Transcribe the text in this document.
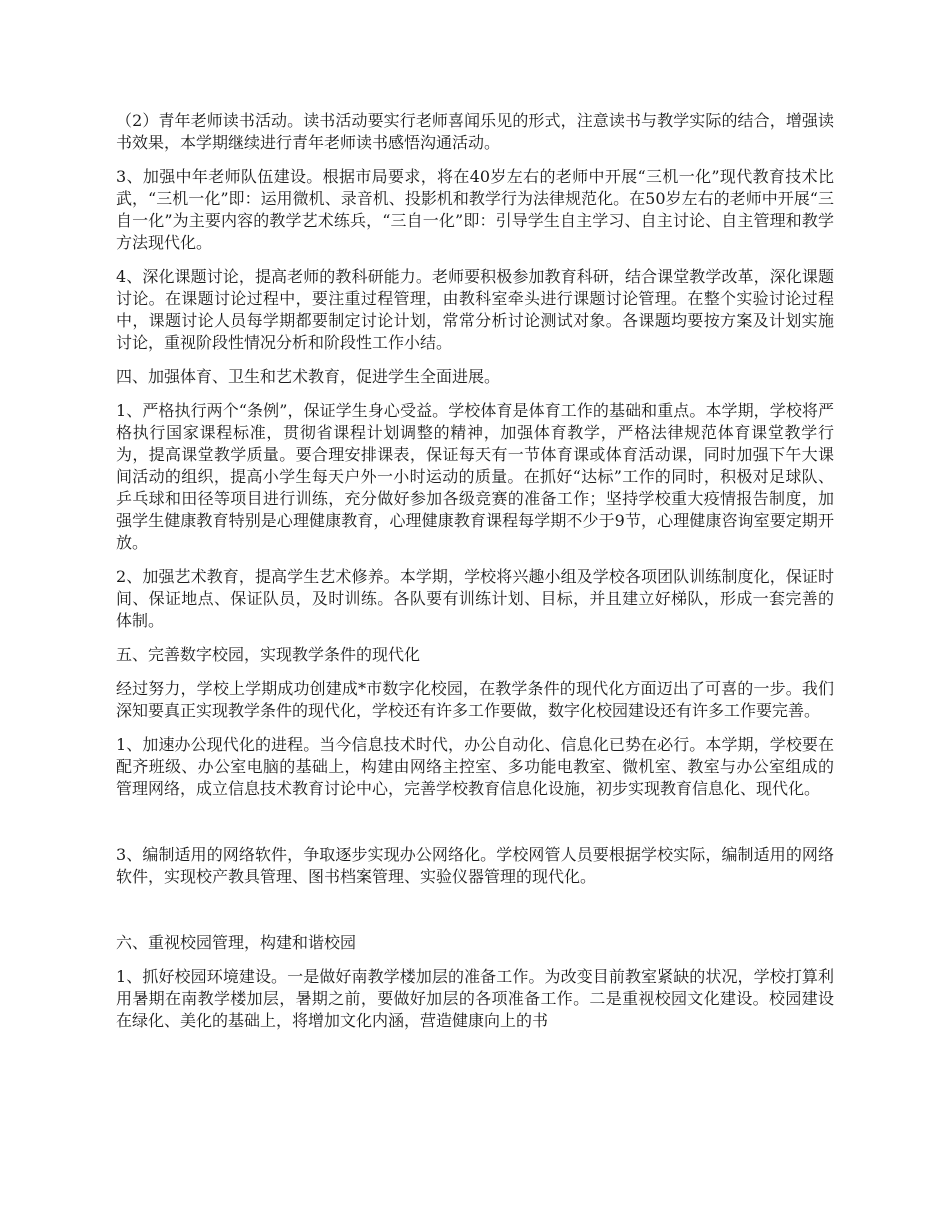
（2）青年老师读书活动。读书活动要实行老师喜闻乐见的形式，注意读书与教学实际的结合，增强读书效果，本学期继续进行青年老师读书感悟沟通活动。

3、加强中年老师队伍建设。根据市局要求，将在40岁左右的老师中开展“三机一化”现代教育技术比武，“三机一化”即：运用微机、录音机、投影机和教学行为法律规范化。在50岁左右的老师中开展“三自一化”为主要内容的教学艺术练兵，“三自一化”即：引导学生自主学习、自主讨论、自主管理和教学方法现代化。

4、深化课题讨论，提高老师的教科研能力。老师要积极参加教育科研，结合课堂教学改革，深化课题讨论。在课题讨论过程中，要注重过程管理，由教科室牵头进行课题讨论管理。在整个实验讨论过程中，课题讨论人员每学期都要制定讨论计划，常常分析讨论测试对象。各课题均要按方案及计划实施讨论，重视阶段性情况分析和阶段性工作小结。

四、加强体育、卫生和艺术教育，促进学生全面进展。

1、严格执行两个“条例”，保证学生身心受益。学校体育是体育工作的基础和重点。本学期，学校将严格执行国家课程标准，贯彻省课程计划调整的精神，加强体育教学，严格法律规范体育课堂教学行为，提高课堂教学质量。要合理安排课表，保证每天有一节体育课或体育活动课，同时加强下午大课间活动的组织，提高小学生每天户外一小时运动的质量。在抓好“达标”工作的同时，积极对足球队、乒乓球和田径等项目进行训练，充分做好参加各级竞赛的准备工作；坚持学校重大疫情报告制度，加强学生健康教育特别是心理健康教育，心理健康教育课程每学期不少于9节，心理健康咨询室要定期开放。

2、加强艺术教育，提高学生艺术修养。本学期，学校将兴趣小组及学校各项团队训练制度化，保证时间、保证地点、保证队员，及时训练。各队要有训练计划、目标，并且建立好梯队，形成一套完善的体制。

五、完善数字校园，实现教学条件的现代化

经过努力，学校上学期成功创建成*市数字化校园，在教学条件的现代化方面迈出了可喜的一步。我们深知要真正实现教学条件的现代化，学校还有许多工作要做，数字化校园建设还有许多工作要完善。

1、加速办公现代化的进程。当今信息技术时代，办公自动化、信息化已势在必行。本学期，学校要在配齐班级、办公室电脑的基础上，构建由网络主控室、多功能电教室、微机室、教室与办公室组成的管理网络，成立信息技术教育讨论中心，完善学校教育信息化设施，初步实现教育信息化、现代化。

3、编制适用的网络软件，争取逐步实现办公网络化。学校网管人员要根据学校实际，编制适用的网络软件，实现校产教具管理、图书档案管理、实验仪器管理的现代化。

六、重视校园管理，构建和谐校园

1、抓好校园环境建设。一是做好南教学楼加层的准备工作。为改变目前教室紧缺的状况，学校打算利用暑期在南教学楼加层，暑期之前，要做好加层的各项准备工作。二是重视校园文化建设。校园建设在绿化、美化的基础上，将增加文化内涵，营造健康向上的书
